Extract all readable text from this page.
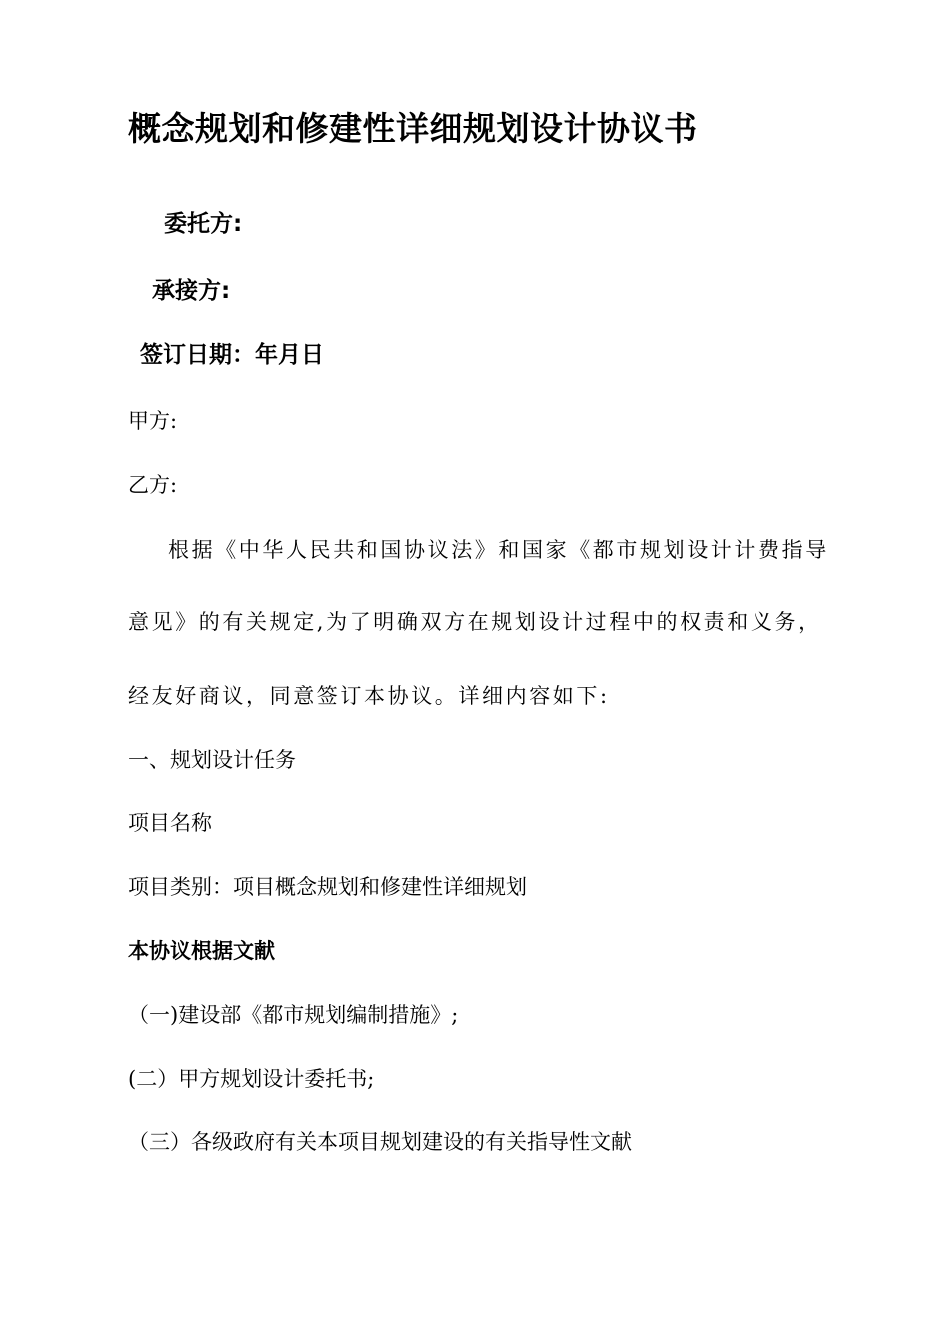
概念规划和修建性详细规划设计协议书
委托方:
承接方:
签订日期：年月日
甲方:
乙方:
根据《中华人民共和国协议法》和国家《都市规划设计计费指导
意见》的有关规定,为了明确双方在规划设计过程中的权责和义务，
经友好商议，同意签订本协议。详细内容如下:
一、规划设计任务
项目名称
项目类别：项目概念规划和修建性详细规划
本协议根据文献
（一)建设部《都市规划编制措施》;
(二）甲方规划设计委托书;
（三）各级政府有关本项目规划建设的有关指导性文献
